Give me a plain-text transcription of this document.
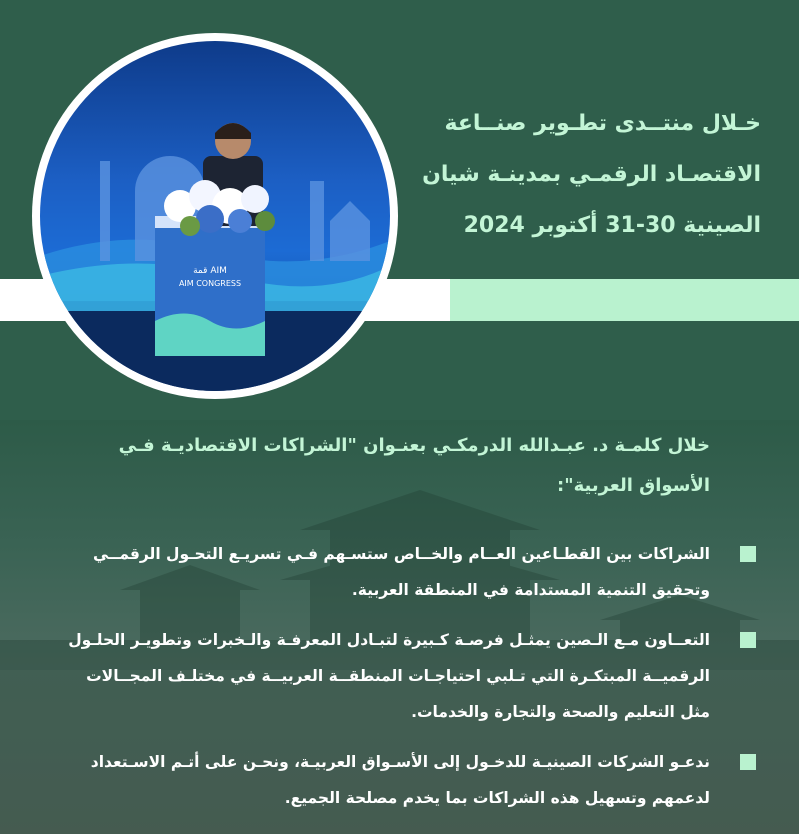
ﻗﻤﺔ AIM
AIM CONGRESS
خـلال منتــدى تطـوير صنــاعة
الاقتصـاد الرقمـي بمدينـة شيان
الصينية 30-31 أكتوبر 2024
خلال كلمـة د. عبـدالله الدرمكـي بعنـوان "الشراكات الاقتصاديـة فـي
الأسواق العربية":
الشراكات بين القطـاعين العــام والخــاص ستسـهم فـي تسريـع التحـول الرقمــي
وتحقيق التنمية المستدامة في المنطقة العربية.
التعــاون مـع الـصين يمثـل فرصـة كـبيرة لتبـادل المعرفـة والـخبرات وتطويـر الحلـول
الرقميــة المبتكـرة التي تـلبي احتياجـات المنطقــة العربيــة في مختلـف المجــالات
مثل التعليم والصحة والتجارة والخدمات.
ندعـو الشركات الصينيـة للدخـول إلى الأسـواق العربيـة، ونحـن على أتـم الاسـتعداد
لدعمهم وتسهيل هذه الشراكات بما يخدم مصلحة الجميع.
